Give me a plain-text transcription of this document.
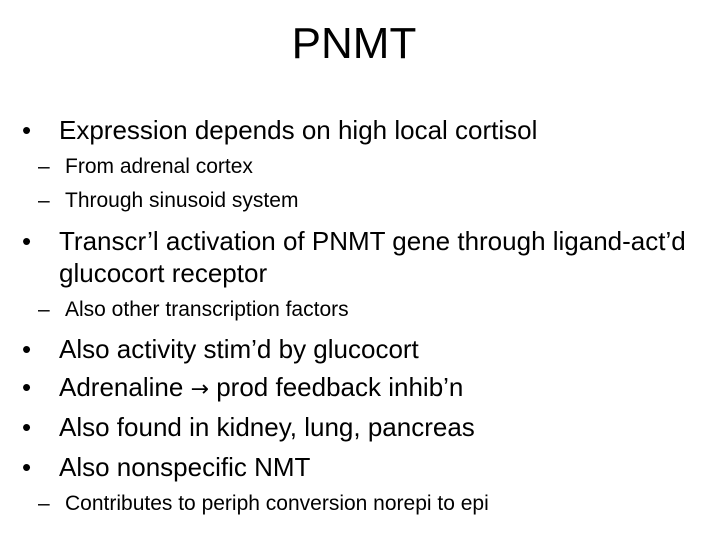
PNMT
• Expression depends on high local cortisol
– From adrenal cortex
– Through sinusoid system
• Transcr’l activation of PNMT gene through ligand-act’d
glucocort receptor
– Also other transcription factors
• Also activity stim’d by glucocort
• Adrenaline → prod feedback inhib’n
• Also found in kidney, lung, pancreas
• Also nonspecific NMT
– Contributes to periph conversion norepi to epi
